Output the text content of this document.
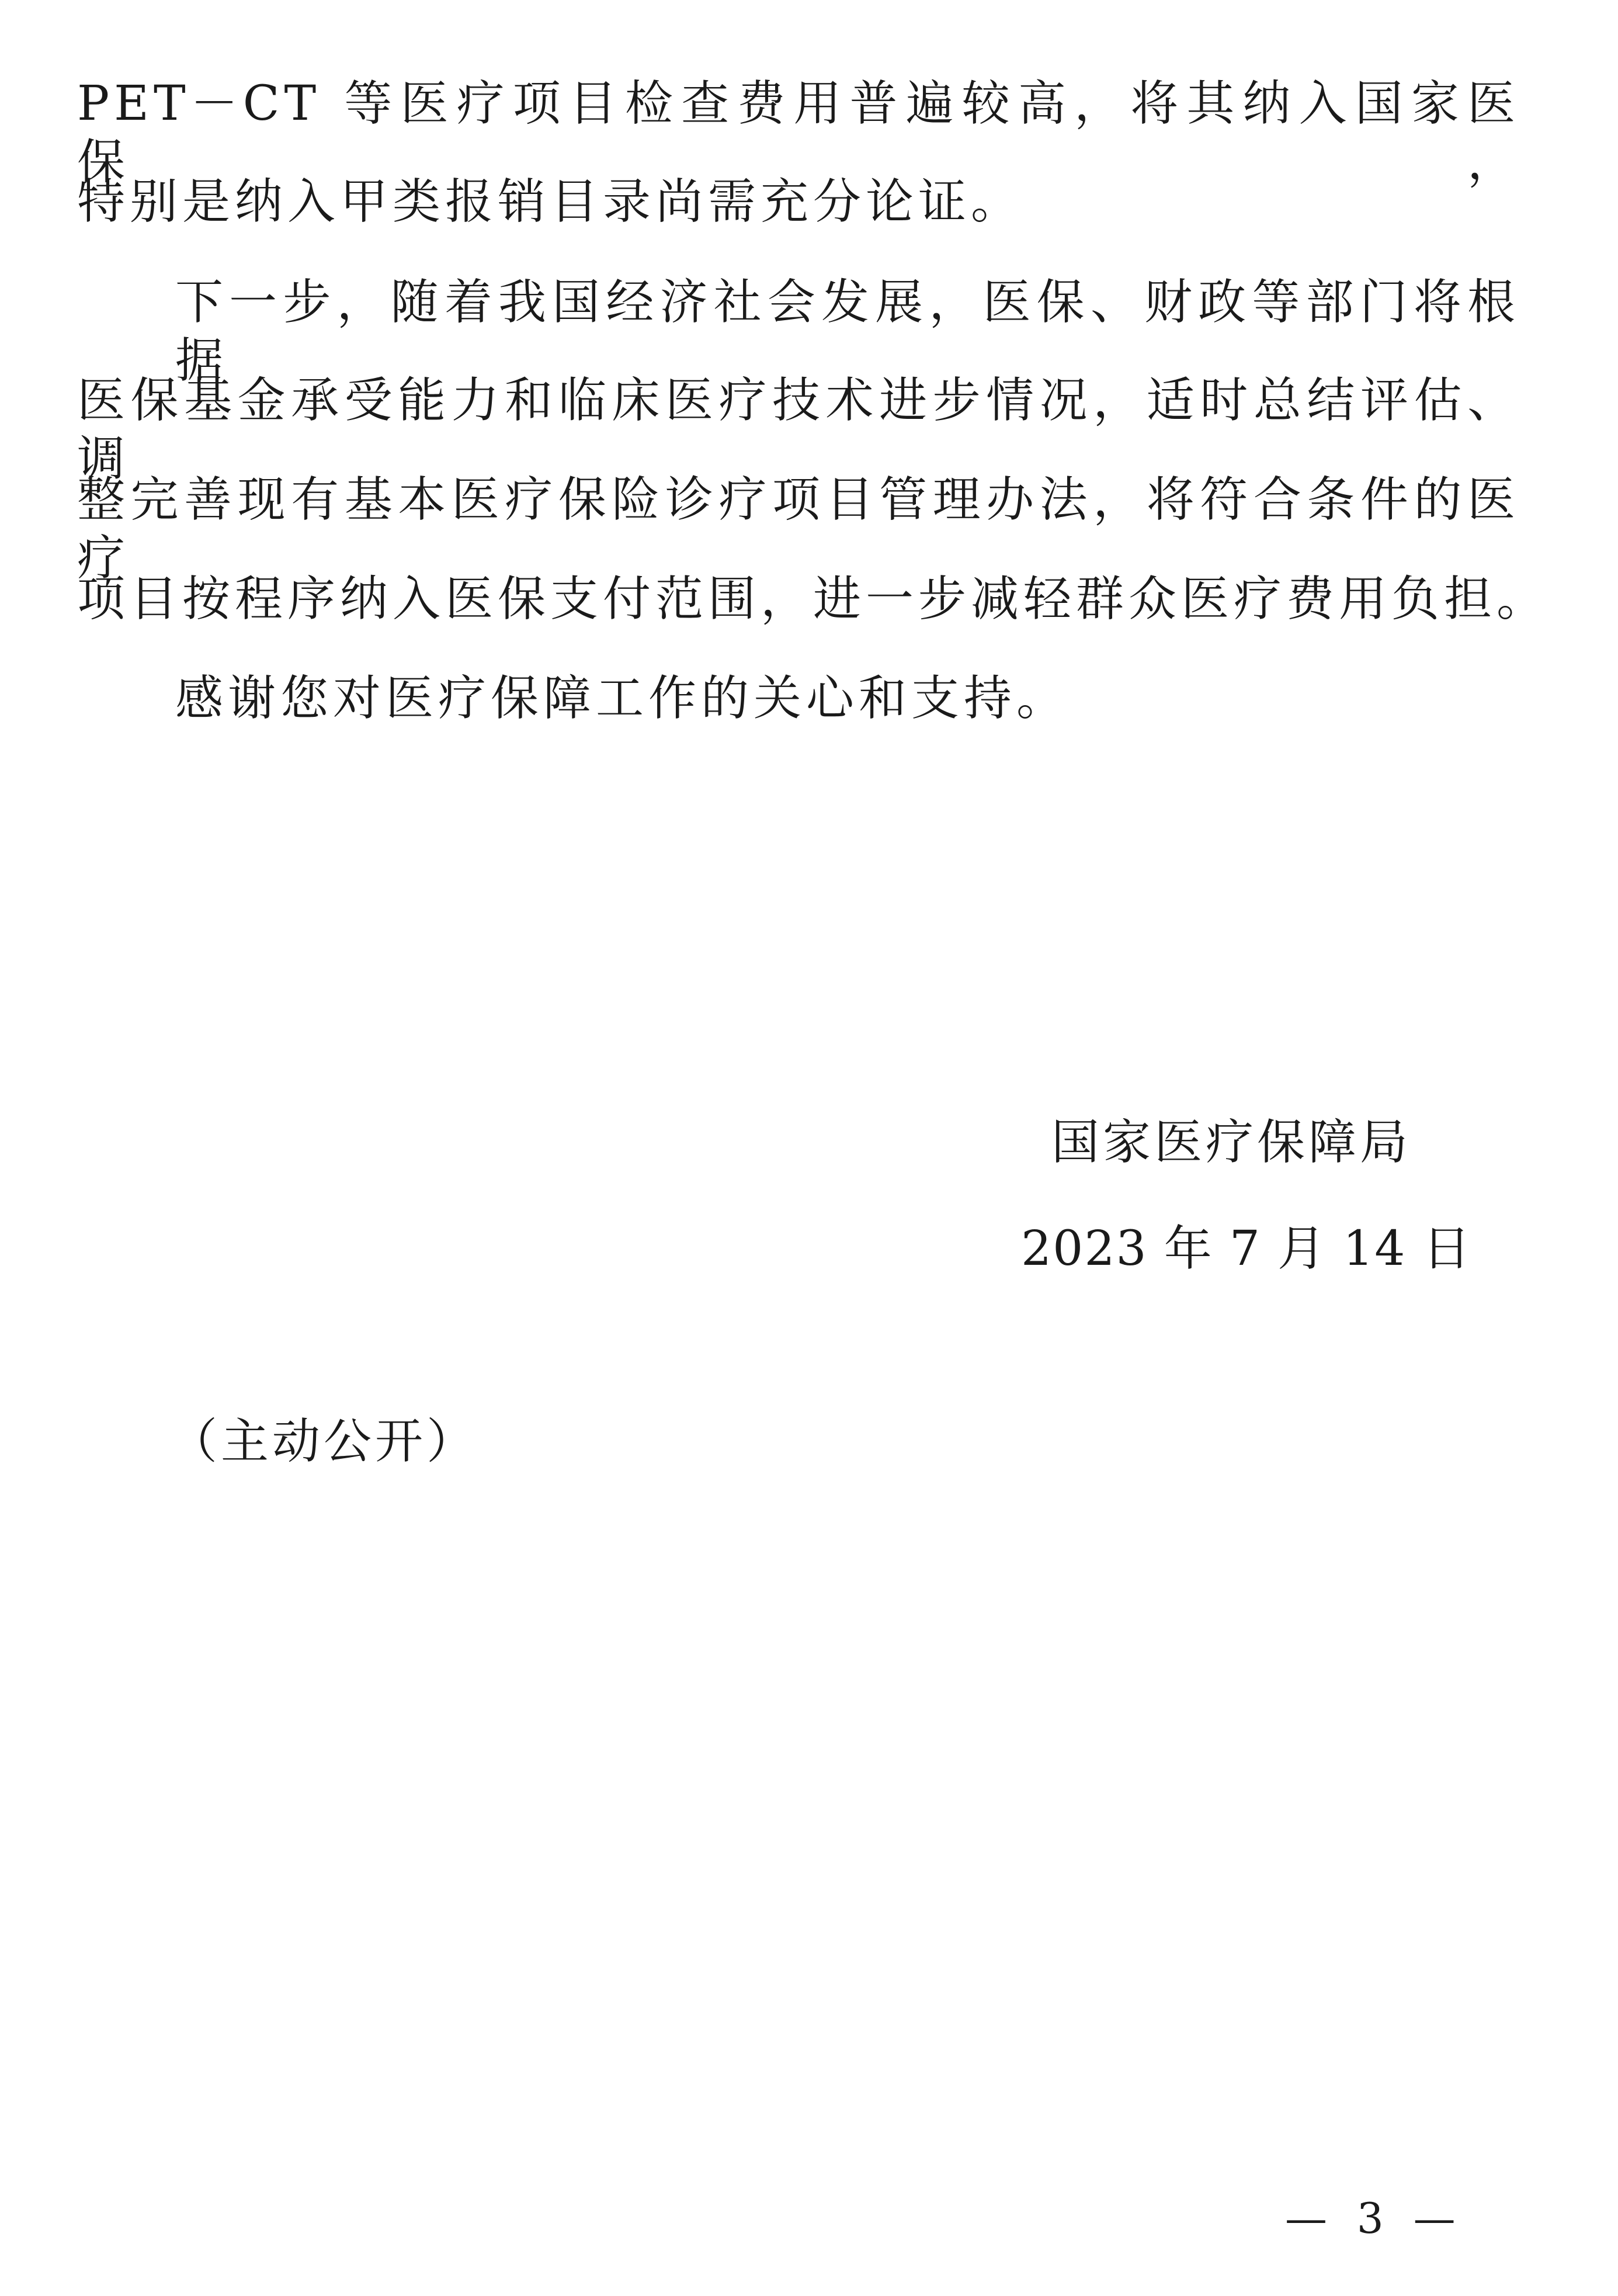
PET－CT 等医疗项目检查费用普遍较高，将其纳入国家医保，
特别是纳入甲类报销目录尚需充分论证。
下一步，随着我国经济社会发展，医保、财政等部门将根据
医保基金承受能力和临床医疗技术进步情况，适时总结评估、调
整完善现有基本医疗保险诊疗项目管理办法，将符合条件的医疗
项目按程序纳入医保支付范围，进一步减轻群众医疗费用负担。
感谢您对医疗保障工作的关心和支持。
国家医疗保障局
2023 年 7 月 14 日
（主动公开）
— 3 —
